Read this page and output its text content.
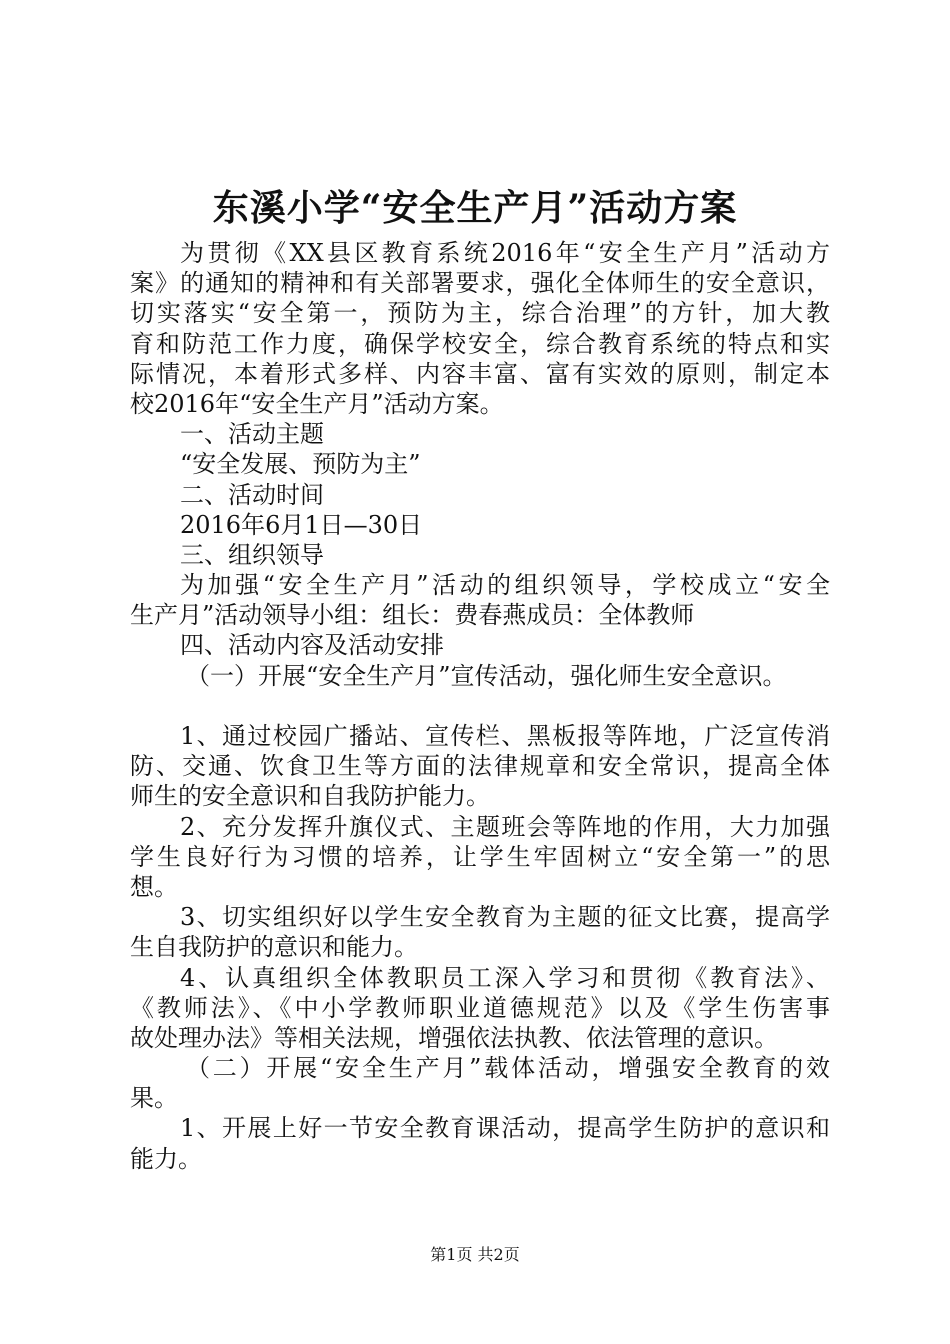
东溪小学“安全生产月”活动方案
为贯彻《XX县区教育系统2016年“安全生产月”活动方
案》的通知的精神和有关部署要求，强化全体师生的安全意识，
切实落实“安全第一，预防为主，综合治理”的方针，加大教
育和防范工作力度，确保学校安全，综合教育系统的特点和实
际情况，本着形式多样、内容丰富、富有实效的原则，制定本
校2016年“安全生产月”活动方案。
一、活动主题
“安全发展、预防为主”
二、活动时间
2016年6月1日—30日
三、组织领导
为加强“安全生产月”活动的组织领导，学校成立“安全
生产月”活动领导小组：组长：费春燕成员：全体教师
四、活动内容及活动安排
（一）开展“安全生产月”宣传活动，强化师生安全意识。
1、通过校园广播站、宣传栏、黑板报等阵地，广泛宣传消
防、交通、饮食卫生等方面的法律规章和安全常识，提高全体
师生的安全意识和自我防护能力。
2、充分发挥升旗仪式、主题班会等阵地的作用，大力加强
学生良好行为习惯的培养，让学生牢固树立“安全第一”的思
想。
3、切实组织好以学生安全教育为主题的征文比赛，提高学
生自我防护的意识和能力。
4、认真组织全体教职员工深入学习和贯彻《教育法》、
《教师法》、《中小学教师职业道德规范》以及《学生伤害事
故处理办法》等相关法规，增强依法执教、依法管理的意识。
（二）开展“安全生产月”载体活动，增强安全教育的效
果。
1、开展上好一节安全教育课活动，提高学生防护的意识和
能力。
第1页 共2页
